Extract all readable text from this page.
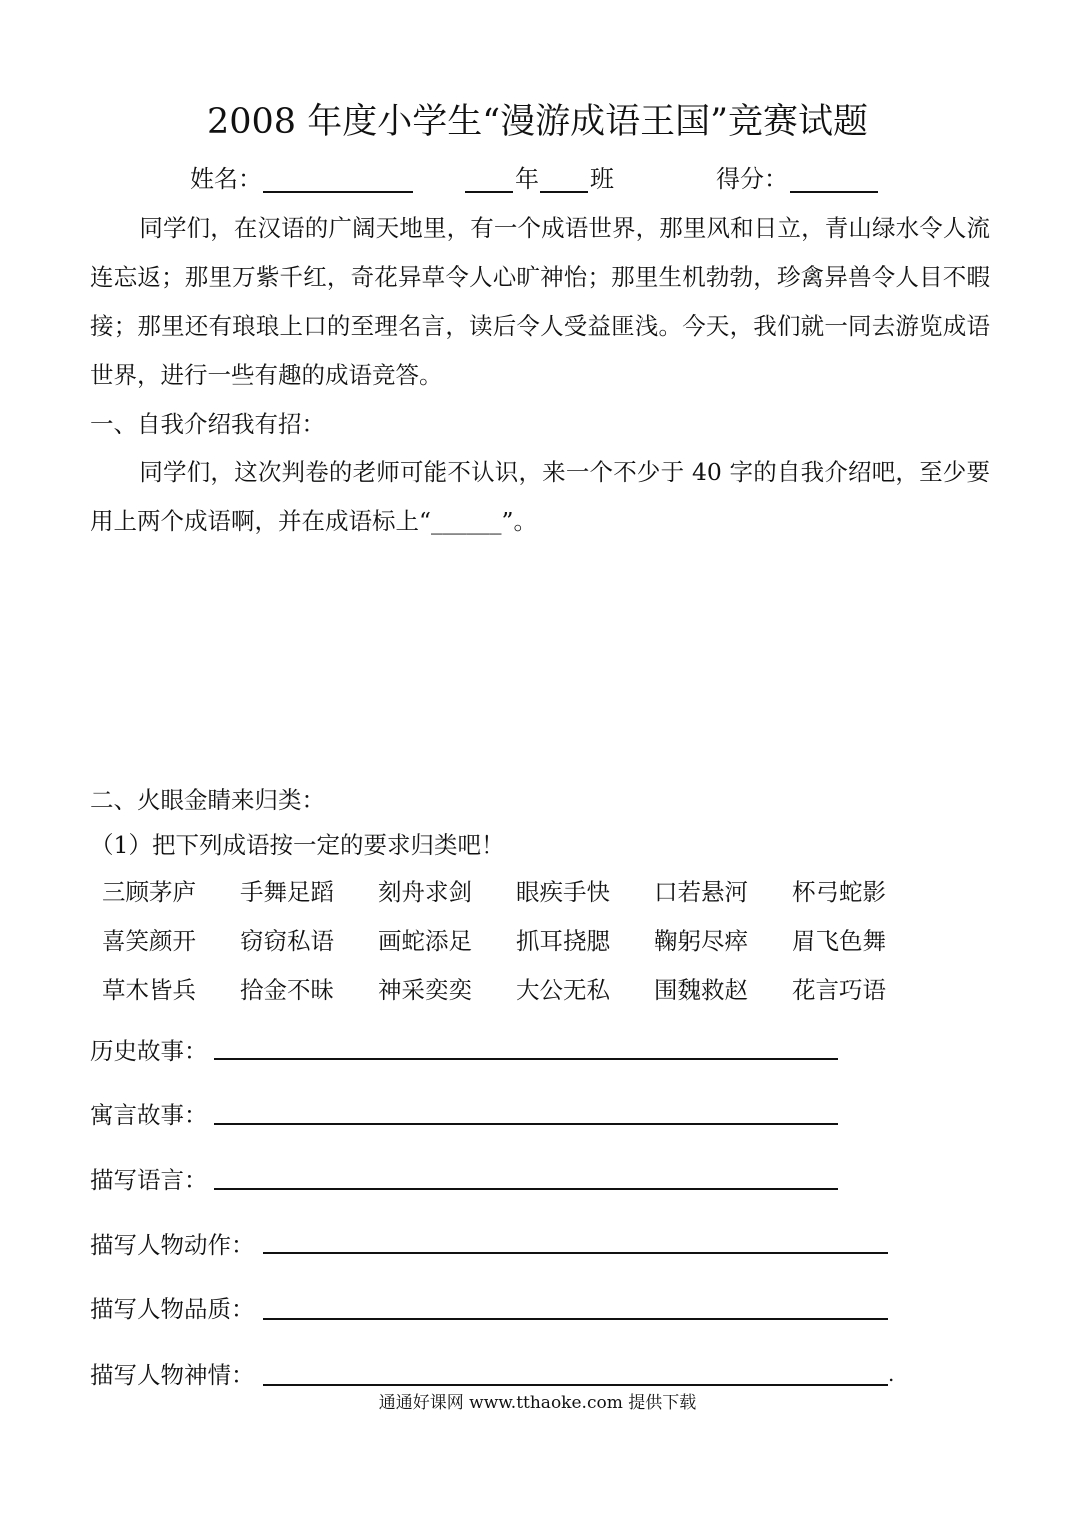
2008 年度小学生“漫游成语王国”竞赛试题
姓名：	年 班	得分：
同学们，在汉语的广阔天地里，有一个成语世界，那里风和日立，青山绿水令人流连忘返；那里万紫千红，奇花异草令人心旷神怡；那里生机勃勃，珍禽异兽令人目不暇接；那里还有琅琅上口的至理名言，读后令人受益匪浅。今天，我们就一同去游览成语世界，进行一些有趣的成语竞答。
一、自我介绍我有招：
同学们，这次判卷的老师可能不认识，来一个不少于 40 字的自我介绍吧，至少要用上两个成语啊，并在成语标上“______”。
二、火眼金睛来归类：
（1）把下列成语按一定的要求归类吧！
三顾茅庐	手舞足蹈	刻舟求剑	眼疾手快	口若悬河	杯弓蛇影
喜笑颜开	窃窃私语	画蛇添足	抓耳挠腮	鞠躬尽瘁	眉飞色舞
草木皆兵	拾金不昧	神采奕奕	大公无私	围魏救赵	花言巧语
历史故事：
寓言故事：
描写语言：
描写人物动作：
描写人物品质：
描写人物神情：	.
通通好课网 www.tthaoke.com 提供下载
